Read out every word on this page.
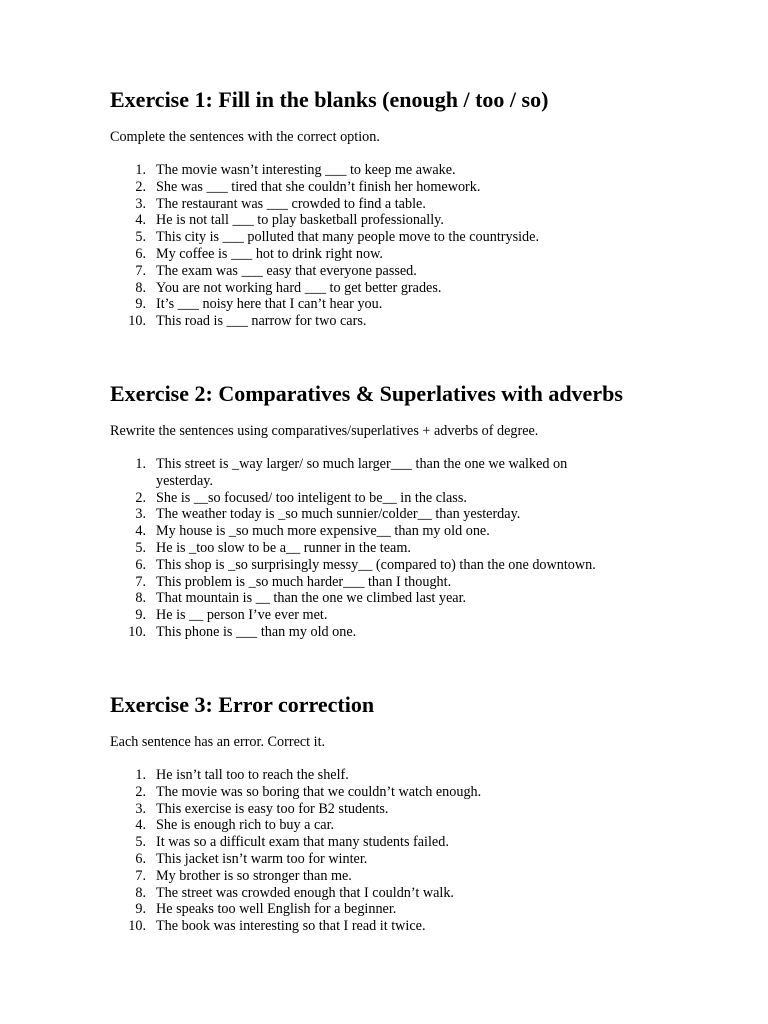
Exercise 1: Fill in the blanks (enough / too / so)

Complete the sentences with the correct option.

1. The movie wasn’t interesting ___ to keep me awake.
2. She was ___ tired that she couldn’t finish her homework.
3. The restaurant was ___ crowded to find a table.
4. He is not tall ___ to play basketball professionally.
5. This city is ___ polluted that many people move to the countryside.
6. My coffee is ___ hot to drink right now.
7. The exam was ___ easy that everyone passed.
8. You are not working hard ___ to get better grades.
9. It’s ___ noisy here that I can’t hear you.
10. This road is ___ narrow for two cars.
Exercise 2: Comparatives & Superlatives with adverbs

Rewrite the sentences using comparatives/superlatives + adverbs of degree.

1. This street is _way larger/ so much larger___ than the one we walked on yesterday.
2. She is __so focused/ too inteligent to be__ in the class.
3. The weather today is _so much sunnier/colder__ than yesterday.
4. My house is _so much more expensive__ than my old one.
5. He is _too slow to be a__ runner in the team.
6. This shop is _so surprisingly messy__ (compared to) than the one downtown.
7. This problem is _so much harder___ than I thought.
8. That mountain is __ than the one we climbed last year.
9. He is __ person I’ve ever met.
10. This phone is ___ than my old one.
Exercise 3: Error correction

Each sentence has an error. Correct it.

1. He isn’t tall too to reach the shelf.
2. The movie was so boring that we couldn’t watch enough.
3. This exercise is easy too for B2 students.
4. She is enough rich to buy a car.
5. It was so a difficult exam that many students failed.
6. This jacket isn’t warm too for winter.
7. My brother is so stronger than me.
8. The street was crowded enough that I couldn’t walk.
9. He speaks too well English for a beginner.
10. The book was interesting so that I read it twice.
